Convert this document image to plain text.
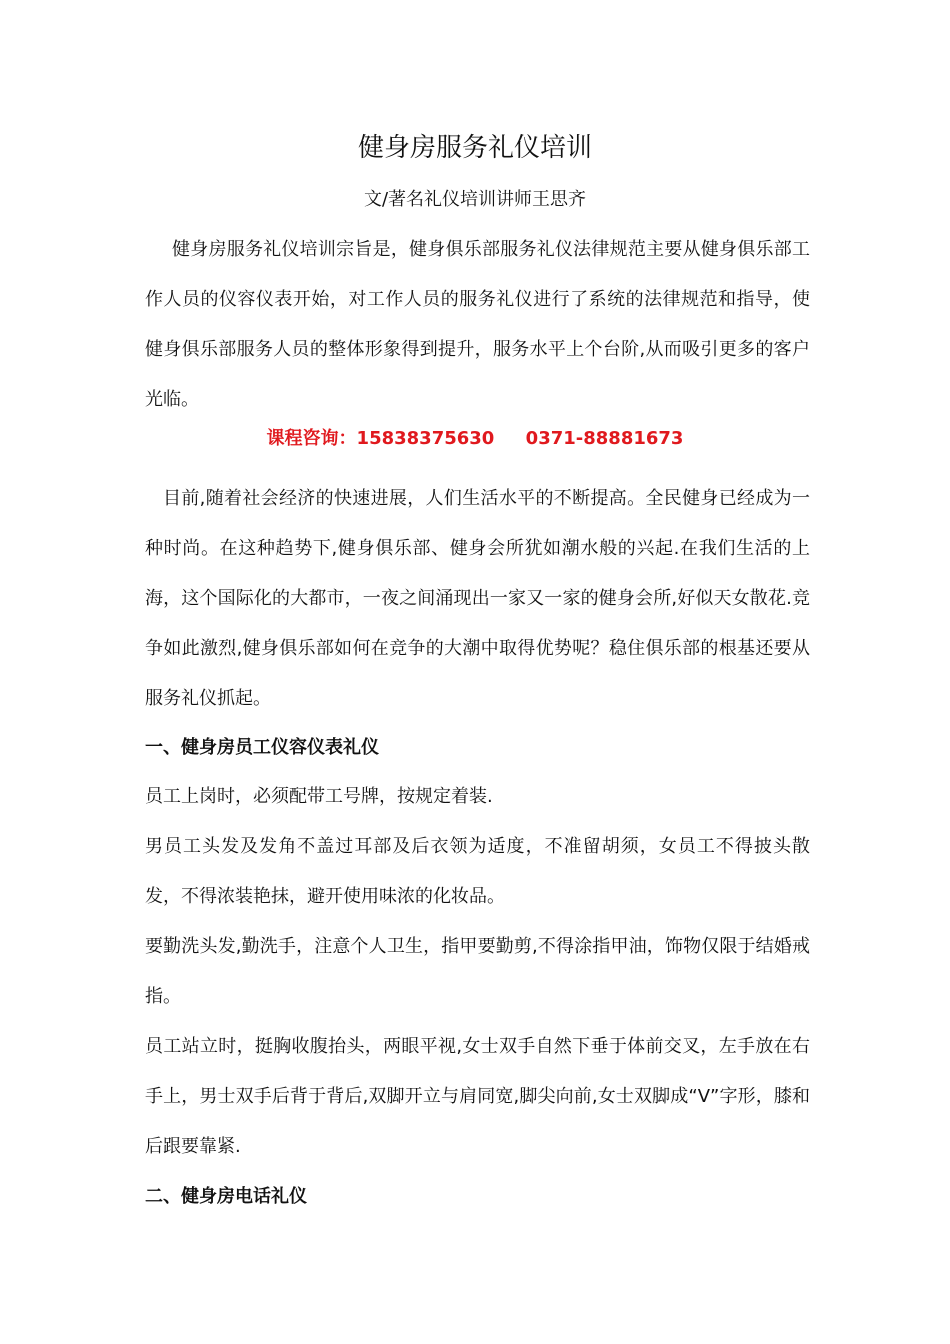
健身房服务礼仪培训
文/著名礼仪培训讲师王思齐

健身房服务礼仪培训宗旨是，健身俱乐部服务礼仪法律规范主要从健身俱乐部工作人员的仪容仪表开始，对工作人员的服务礼仪进行了系统的法律规范和指导，使健身俱乐部服务人员的整体形象得到提升，服务水平上个台阶,从而吸引更多的客户光临。

课程咨询：15838375630 0371-88881673

目前,随着社会经济的快速进展，人们生活水平的不断提高。全民健身已经成为一种时尚。在这种趋势下,健身俱乐部、健身会所犹如潮水般的兴起.在我们生活的上海，这个国际化的大都市，一夜之间涌现出一家又一家的健身会所,好似天女散花.竞争如此激烈,健身俱乐部如何在竞争的大潮中取得优势呢？稳住俱乐部的根基还要从服务礼仪抓起。

一、健身房员工仪容仪表礼仪

员工上岗时，必须配带工号牌，按规定着装.

男员工头发及发角不盖过耳部及后衣领为适度，不准留胡须，女员工不得披头散发，不得浓装艳抹，避开使用味浓的化妆品。

要勤洗头发,勤洗手，注意个人卫生，指甲要勤剪,不得涂指甲油，饰物仅限于结婚戒指。

员工站立时，挺胸收腹抬头，两眼平视,女士双手自然下垂于体前交叉，左手放在右手上，男士双手后背于背后,双脚开立与肩同宽,脚尖向前,女士双脚成“V”字形，膝和后跟要靠紧.

二、健身房电话礼仪
